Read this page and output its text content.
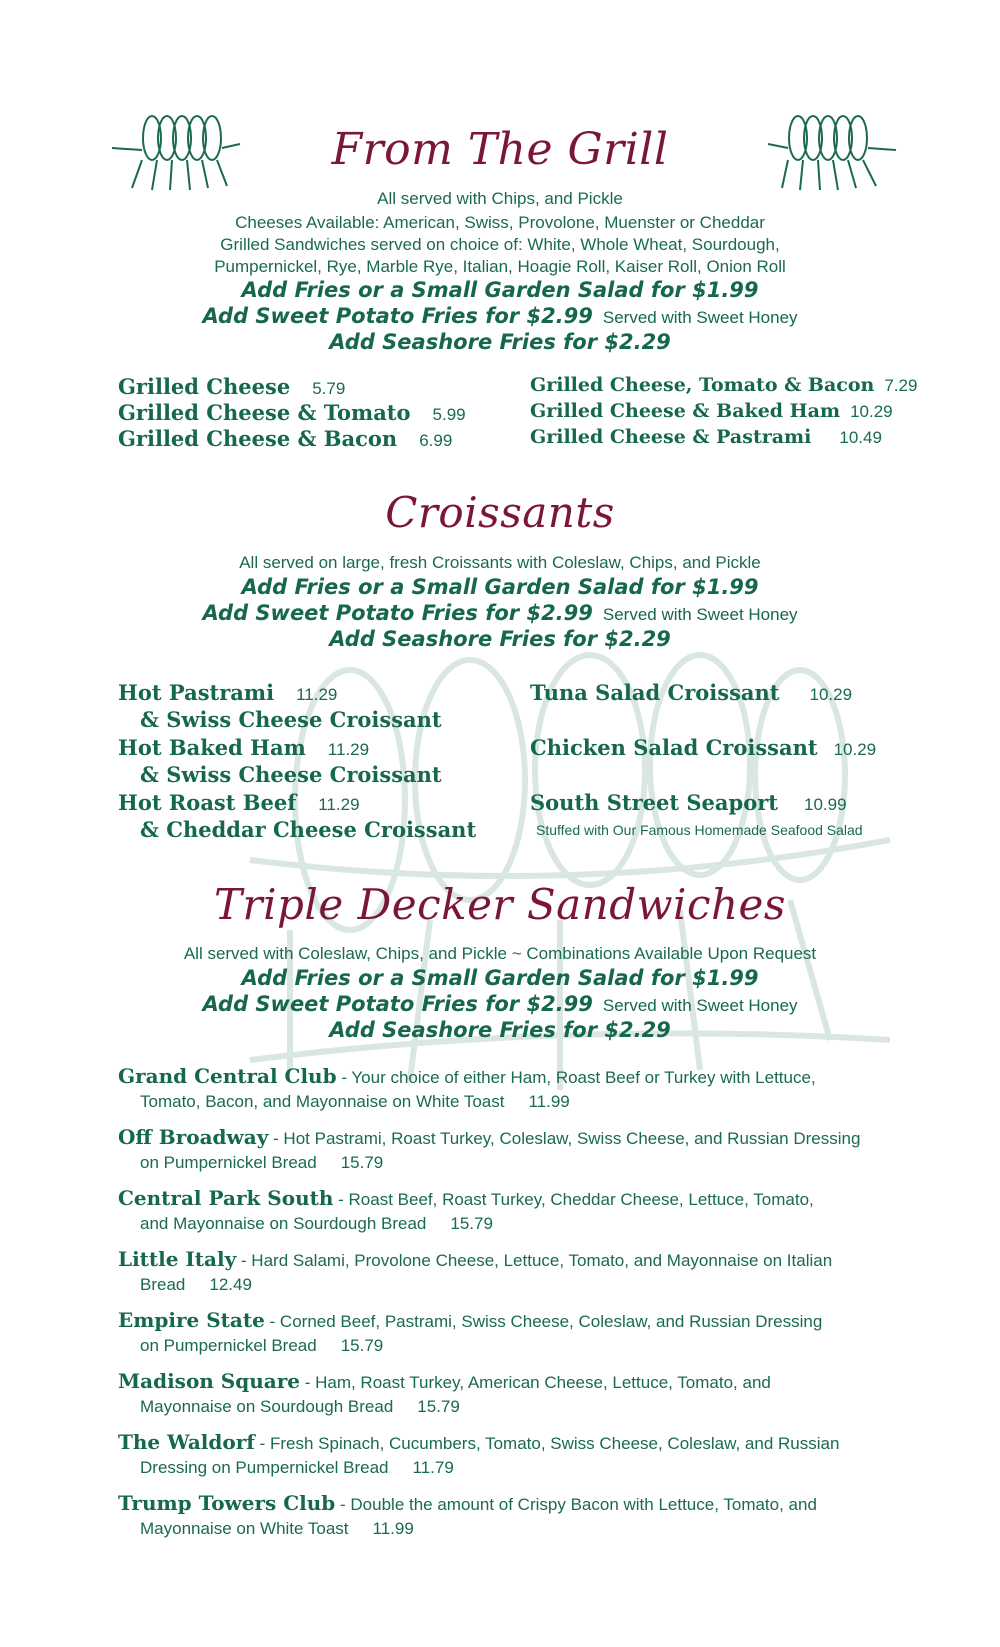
From The Grill
All served with Chips, and Pickle
Cheeses Available: American, Swiss, Provolone, Muenster or Cheddar
Grilled Sandwiches served on choice of: White, Whole Wheat, Sourdough,
Pumpernickel, Rye, Marble Rye, Italian, Hoagie Roll, Kaiser Roll, Onion Roll
Add Fries or a Small Garden Salad for $1.99
Add Sweet Potato Fries for $2.99 Served with Sweet Honey
Add Seashore Fries for $2.29
Grilled Cheese 5.79
Grilled Cheese & Tomato 5.99
Grilled Cheese & Bacon 6.99
Grilled Cheese, Tomato & Bacon 7.29
Grilled Cheese & Baked Ham 10.29
Grilled Cheese & Pastrami 10.49
Croissants
All served on large, fresh Croissants with Coleslaw, Chips, and Pickle
Add Fries or a Small Garden Salad for $1.99
Add Sweet Potato Fries for $2.99 Served with Sweet Honey
Add Seashore Fries for $2.29
Hot Pastrami 11.29
& Swiss Cheese Croissant
Hot Baked Ham 11.29
& Swiss Cheese Croissant
Hot Roast Beef 11.29
& Cheddar Cheese Croissant
Tuna Salad Croissant 10.29
Chicken Salad Croissant 10.29
South Street Seaport 10.99
Stuffed with Our Famous Homemade Seafood Salad
Triple Decker Sandwiches
All served with Coleslaw, Chips, and Pickle ~ Combinations Available Upon Request
Add Fries or a Small Garden Salad for $1.99
Add Sweet Potato Fries for $2.99 Served with Sweet Honey
Add Seashore Fries for $2.29
Grand Central Club - Your choice of either Ham, Roast Beef or Turkey with Lettuce,
Tomato, Bacon, and Mayonnaise on White Toast 11.99
Off Broadway - Hot Pastrami, Roast Turkey, Coleslaw, Swiss Cheese, and Russian Dressing
on Pumpernickel Bread 15.79
Central Park South - Roast Beef, Roast Turkey, Cheddar Cheese, Lettuce, Tomato,
and Mayonnaise on Sourdough Bread 15.79
Little Italy - Hard Salami, Provolone Cheese, Lettuce, Tomato, and Mayonnaise on Italian
Bread 12.49
Empire State - Corned Beef, Pastrami, Swiss Cheese, Coleslaw, and Russian Dressing
on Pumpernickel Bread 15.79
Madison Square - Ham, Roast Turkey, American Cheese, Lettuce, Tomato, and
Mayonnaise on Sourdough Bread 15.79
The Waldorf - Fresh Spinach, Cucumbers, Tomato, Swiss Cheese, Coleslaw, and Russian
Dressing on Pumpernickel Bread 11.79
Trump Towers Club - Double the amount of Crispy Bacon with Lettuce, Tomato, and
Mayonnaise on White Toast 11.99
